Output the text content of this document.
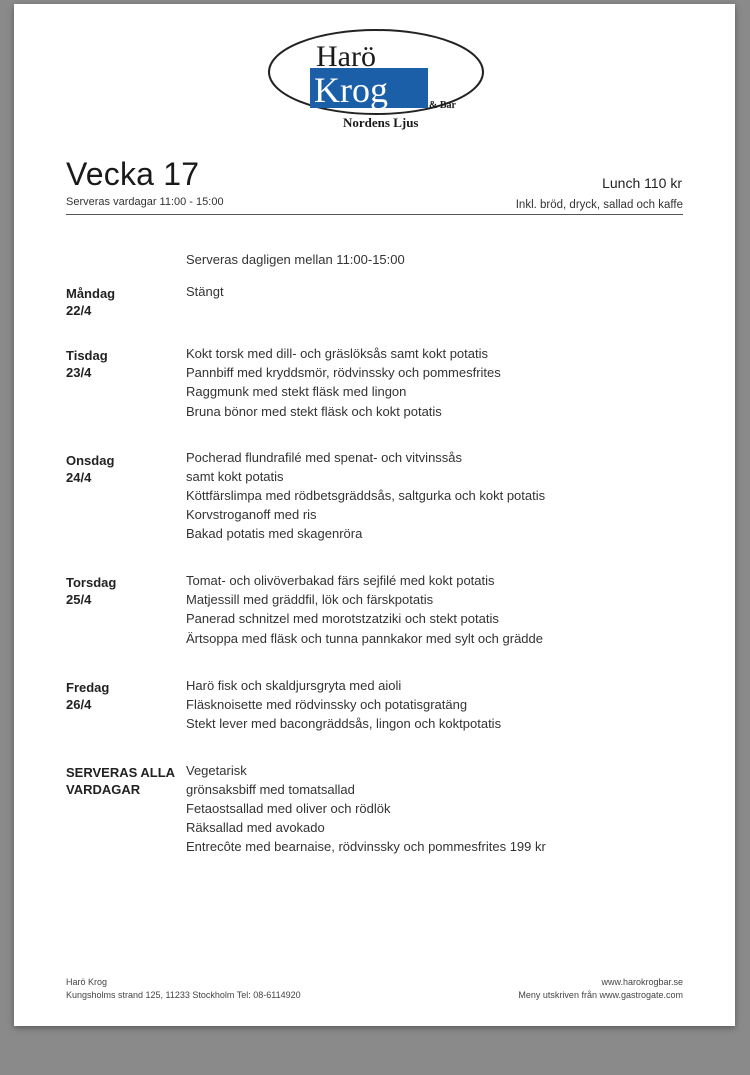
Harö
Krog	& Bar
Nordens Ljus
Vecka 17
Serveras vardagar 11:00 - 15:00
Lunch 110 kr
Inkl. bröd, dryck, sallad och kaffe
Serveras dagligen mellan 11:00-15:00
Måndag
22/4
Stängt
Tisdag
23/4
Kokt torsk med dill- och gräslöksås samt kokt potatis
Pannbiff med kryddsmör, rödvinssky och pommesfrites
Raggmunk med stekt fläsk med lingon
Bruna bönor med stekt fläsk och kokt potatis
Onsdag
24/4
Pocherad flundrafilé med spenat- och vitvinssås
samt kokt potatis
Köttfärslimpa med rödbetsgräddsås, saltgurka och kokt potatis
Korvstroganoff med ris
Bakad potatis med skagenröra
Torsdag
25/4
Tomat- och olivöverbakad färs sejfilé med kokt potatis
Matjessill med gräddfil, lök och färskpotatis
Panerad schnitzel med morotstzatziki och stekt potatis
Ärtsoppa med fläsk och tunna pannkakor med sylt och grädde
Fredag
26/4
Harö fisk och skaldjursgryta med aioli
Fläsknoisette med rödvinssky och potatisgratäng
Stekt lever med bacongräddsås, lingon och koktpotatis
SERVERAS ALLA
VARDAGAR
Vegetarisk
grönsaksbiff med tomatsallad
Fetaostsallad med oliver och rödlök
Räksallad med avokado
Entrecôte med bearnaise, rödvinssky och pommesfrites 199 kr
Harö Krog
Kungsholms strand 125, 11233 Stockholm Tel: 08-6114920
www.harokrogbar.se
Meny utskriven från www.gastrogate.com
